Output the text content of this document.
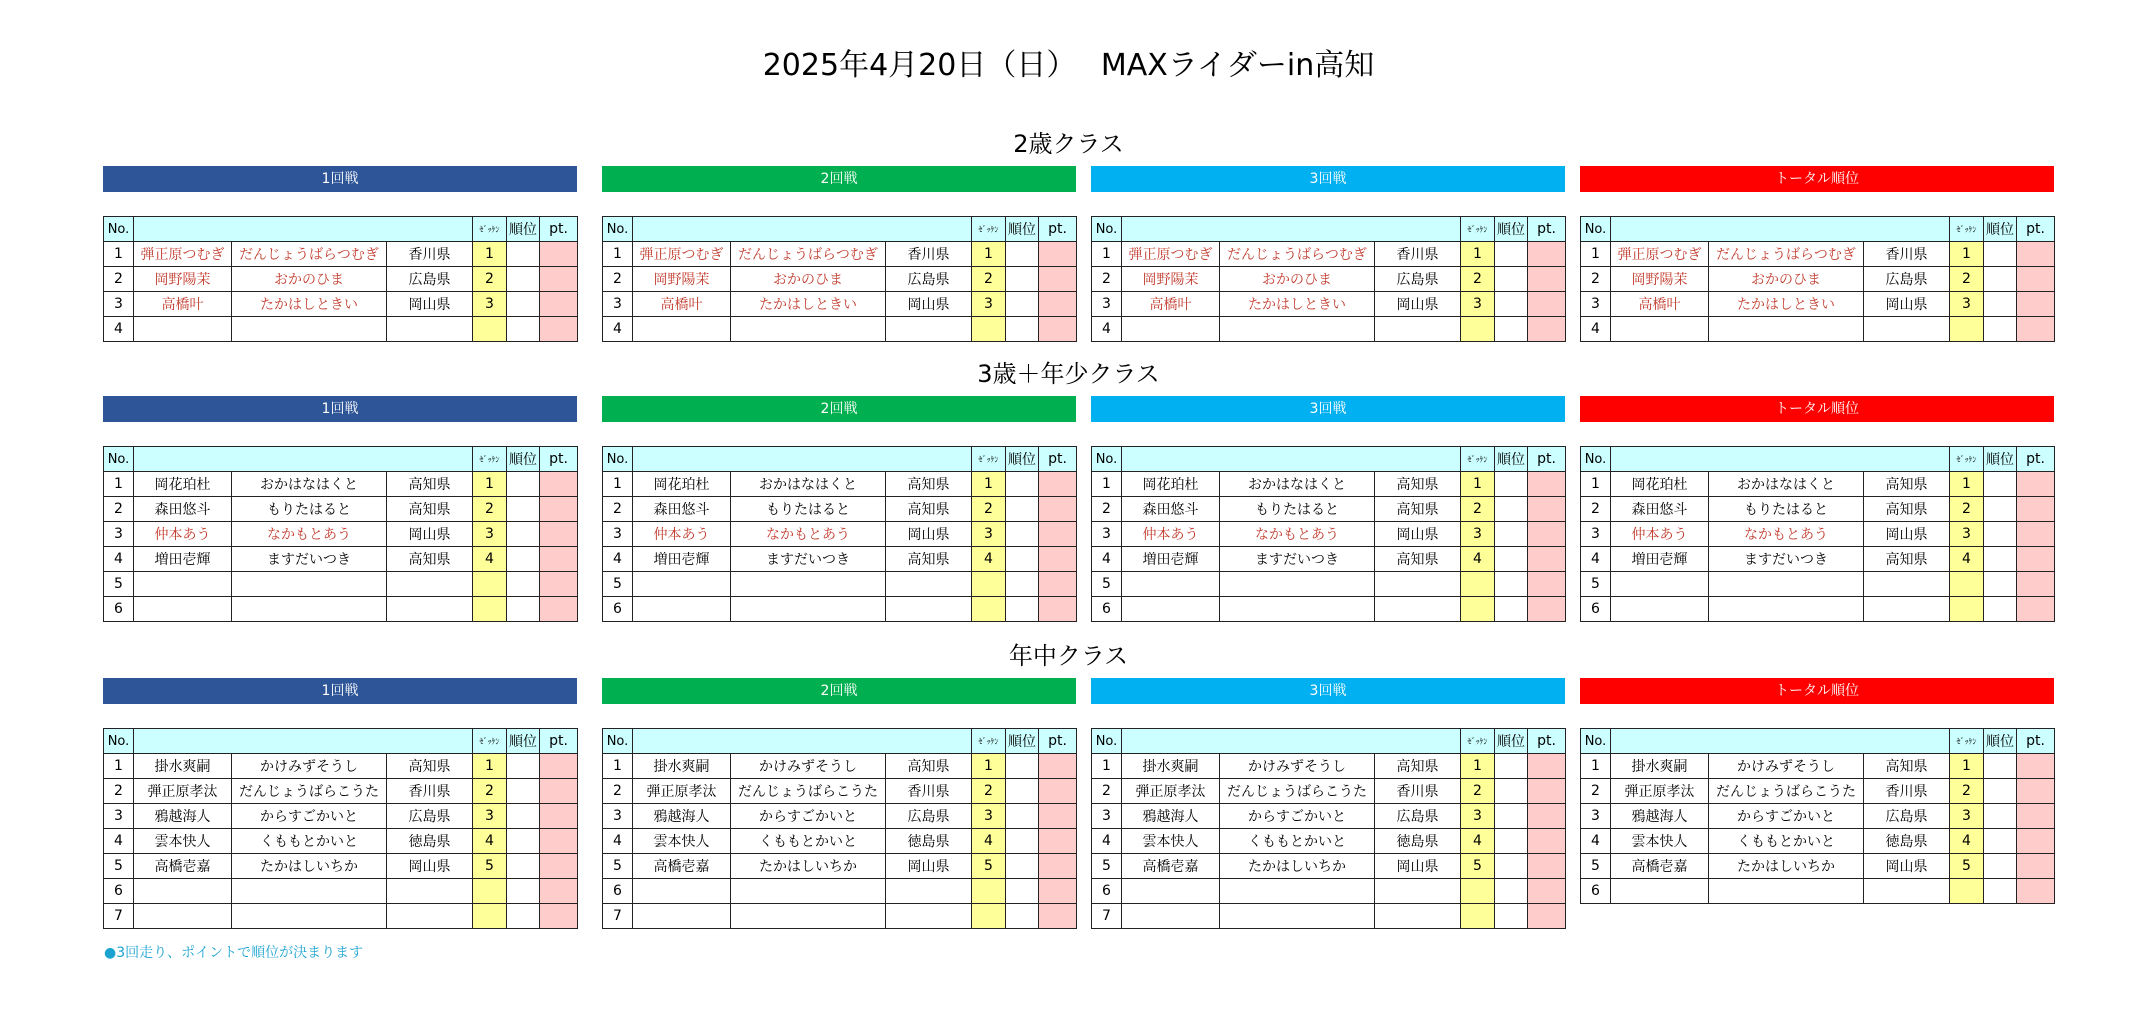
2025年4月20日（日）　 MAXライダーin高知
2歳クラス
1回戦
No.				ｾﾞｯｹﾝ	順位	pt.
1	弾正原つむぎ	だんじょうばらつむぎ	香川県	1		
2	岡野陽茉	おかのひま	広島県	2		
3	高橋叶	たかはしときい	岡山県	3		
4						
2回戦
No.				ｾﾞｯｹﾝ	順位	pt.
1	弾正原つむぎ	だんじょうばらつむぎ	香川県	1		
2	岡野陽茉	おかのひま	広島県	2		
3	高橋叶	たかはしときい	岡山県	3		
4						
3回戦
No.				ｾﾞｯｹﾝ	順位	pt.
1	弾正原つむぎ	だんじょうばらつむぎ	香川県	1		
2	岡野陽茉	おかのひま	広島県	2		
3	高橋叶	たかはしときい	岡山県	3		
4						
トータル順位
No.				ｾﾞｯｹﾝ	順位	pt.
1	弾正原つむぎ	だんじょうばらつむぎ	香川県	1		
2	岡野陽茉	おかのひま	広島県	2		
3	高橋叶	たかはしときい	岡山県	3		
4						
3歳＋年少クラス
1回戦
No.				ｾﾞｯｹﾝ	順位	pt.
1	岡花珀杜	おかはなはくと	高知県	1		
2	森田悠斗	もりたはると	高知県	2		
3	仲本あう	なかもとあう	岡山県	3		
4	増田壱輝	ますだいつき	高知県	4		
5						
6						
2回戦
No.				ｾﾞｯｹﾝ	順位	pt.
1	岡花珀杜	おかはなはくと	高知県	1		
2	森田悠斗	もりたはると	高知県	2		
3	仲本あう	なかもとあう	岡山県	3		
4	増田壱輝	ますだいつき	高知県	4		
5						
6						
3回戦
No.				ｾﾞｯｹﾝ	順位	pt.
1	岡花珀杜	おかはなはくと	高知県	1		
2	森田悠斗	もりたはると	高知県	2		
3	仲本あう	なかもとあう	岡山県	3		
4	増田壱輝	ますだいつき	高知県	4		
5						
6						
トータル順位
No.				ｾﾞｯｹﾝ	順位	pt.
1	岡花珀杜	おかはなはくと	高知県	1		
2	森田悠斗	もりたはると	高知県	2		
3	仲本あう	なかもとあう	岡山県	3		
4	増田壱輝	ますだいつき	高知県	4		
5						
6						
年中クラス
1回戦
No.				ｾﾞｯｹﾝ	順位	pt.
1	掛水爽嗣	かけみずそうし	高知県	1		
2	弾正原孝汰	だんじょうばらこうた	香川県	2		
3	鴉越海人	からすごかいと	広島県	3		
4	雲本快人	くももとかいと	徳島県	4		
5	高橋壱嘉	たかはしいちか	岡山県	5		
6						
7						
2回戦
No.				ｾﾞｯｹﾝ	順位	pt.
1	掛水爽嗣	かけみずそうし	高知県	1		
2	弾正原孝汰	だんじょうばらこうた	香川県	2		
3	鴉越海人	からすごかいと	広島県	3		
4	雲本快人	くももとかいと	徳島県	4		
5	高橋壱嘉	たかはしいちか	岡山県	5		
6						
7						
3回戦
No.				ｾﾞｯｹﾝ	順位	pt.
1	掛水爽嗣	かけみずそうし	高知県	1		
2	弾正原孝汰	だんじょうばらこうた	香川県	2		
3	鴉越海人	からすごかいと	広島県	3		
4	雲本快人	くももとかいと	徳島県	4		
5	高橋壱嘉	たかはしいちか	岡山県	5		
6						
7						
トータル順位
No.				ｾﾞｯｹﾝ	順位	pt.
1	掛水爽嗣	かけみずそうし	高知県	1		
2	弾正原孝汰	だんじょうばらこうた	香川県	2		
3	鴉越海人	からすごかいと	広島県	3		
4	雲本快人	くももとかいと	徳島県	4		
5	高橋壱嘉	たかはしいちか	岡山県	5		
6						
●3回走り、ポイントで順位が決まります
